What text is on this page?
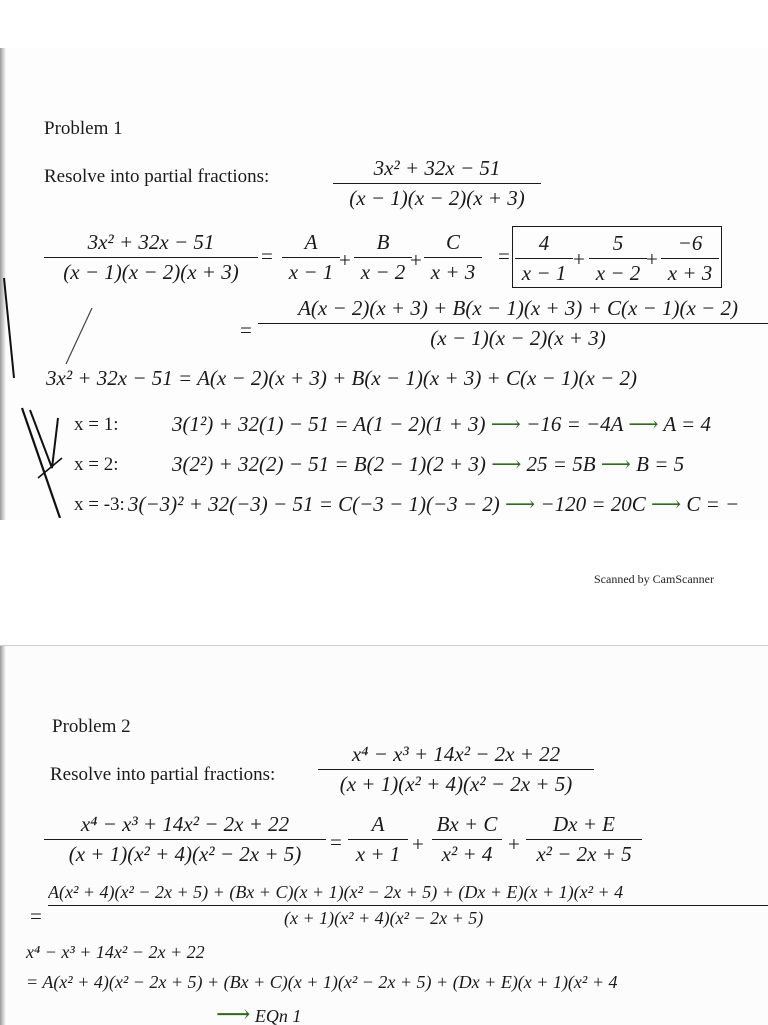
Problem 1
Resolve into partial fractions:	$\frac{\text{3x² + 32x − 51}}{(x - 1)(x - 2)(x + 3)}$
$\frac{\text{3x² + 32x − 51}}{(x - 1)(x - 2)(x + 3)} = \frac{A}{x - 1} + \frac{B}{x - 2}$
+ $\frac{C}{x + 3} = \frac{4}{x - 1} + \frac{5}{x - 2} + \frac{-6}{x + 3}$
= $\frac{A(x - 2)(x + 3) + B(x - 1)(x + 3) + C(x - 1)(x - 2)}{(x - 1)(x - 2)(x + 3)}$
3x² + 32x − 51 = A(x − 2)(x + 3) + B(x − 1)(x + 3) + C(x − 1)(x − 2)
x = 1:	3(1²) + 32(1) − 51 = A(1 − 2)(1 + 3) ⟶ −16 = −4A ⟶ A = 4
x = 2:	3(2²) + 32(2) − 51 = B(2 − 1)(2 + 3) ⟶ 25 = 5B ⟶ B = 5
x = -3: 3(−3)² + 32(−3) − 51 = C(−3 − 1)(−3 − 2) ⟶ −120 = 20C ⟶ C = −
Scanned by CamScanner
Problem 2
Resolve into partial fractions: $\frac{\text{x⁴ − x³ + 14x² − 2x + 22}}{\text{(x + 1)(x² + 4)(x² − 2x + 5)}}$
$\frac{\text{x⁴ − x³ + 14x² − 2x + 22}}{\text{(x + 1)(x² + 4)(x² − 2x + 5)}} = \frac{A}{x + 1} + \frac{Bx + C}{\text{x² + 4}} + \frac{Dx + E}{\text{x² − 2x + 5}}$
=
A(x² + 4)(x² − 2x + 5) + (Bx + C)(x + 1)(x² − 2x + 5) + (Dx + E)(x + 1)(x² + 4
(x + 1)(x² + 4)(x² − 2x + 5)
x⁴ − x³ + 14x² − 2x + 22
= A(x² + 4)(x² − 2x + 5) + (Bx + C)(x + 1)(x² − 2x + 5) + (Dx + E)(x + 1)(x² + 4
⟶ EQn 1
